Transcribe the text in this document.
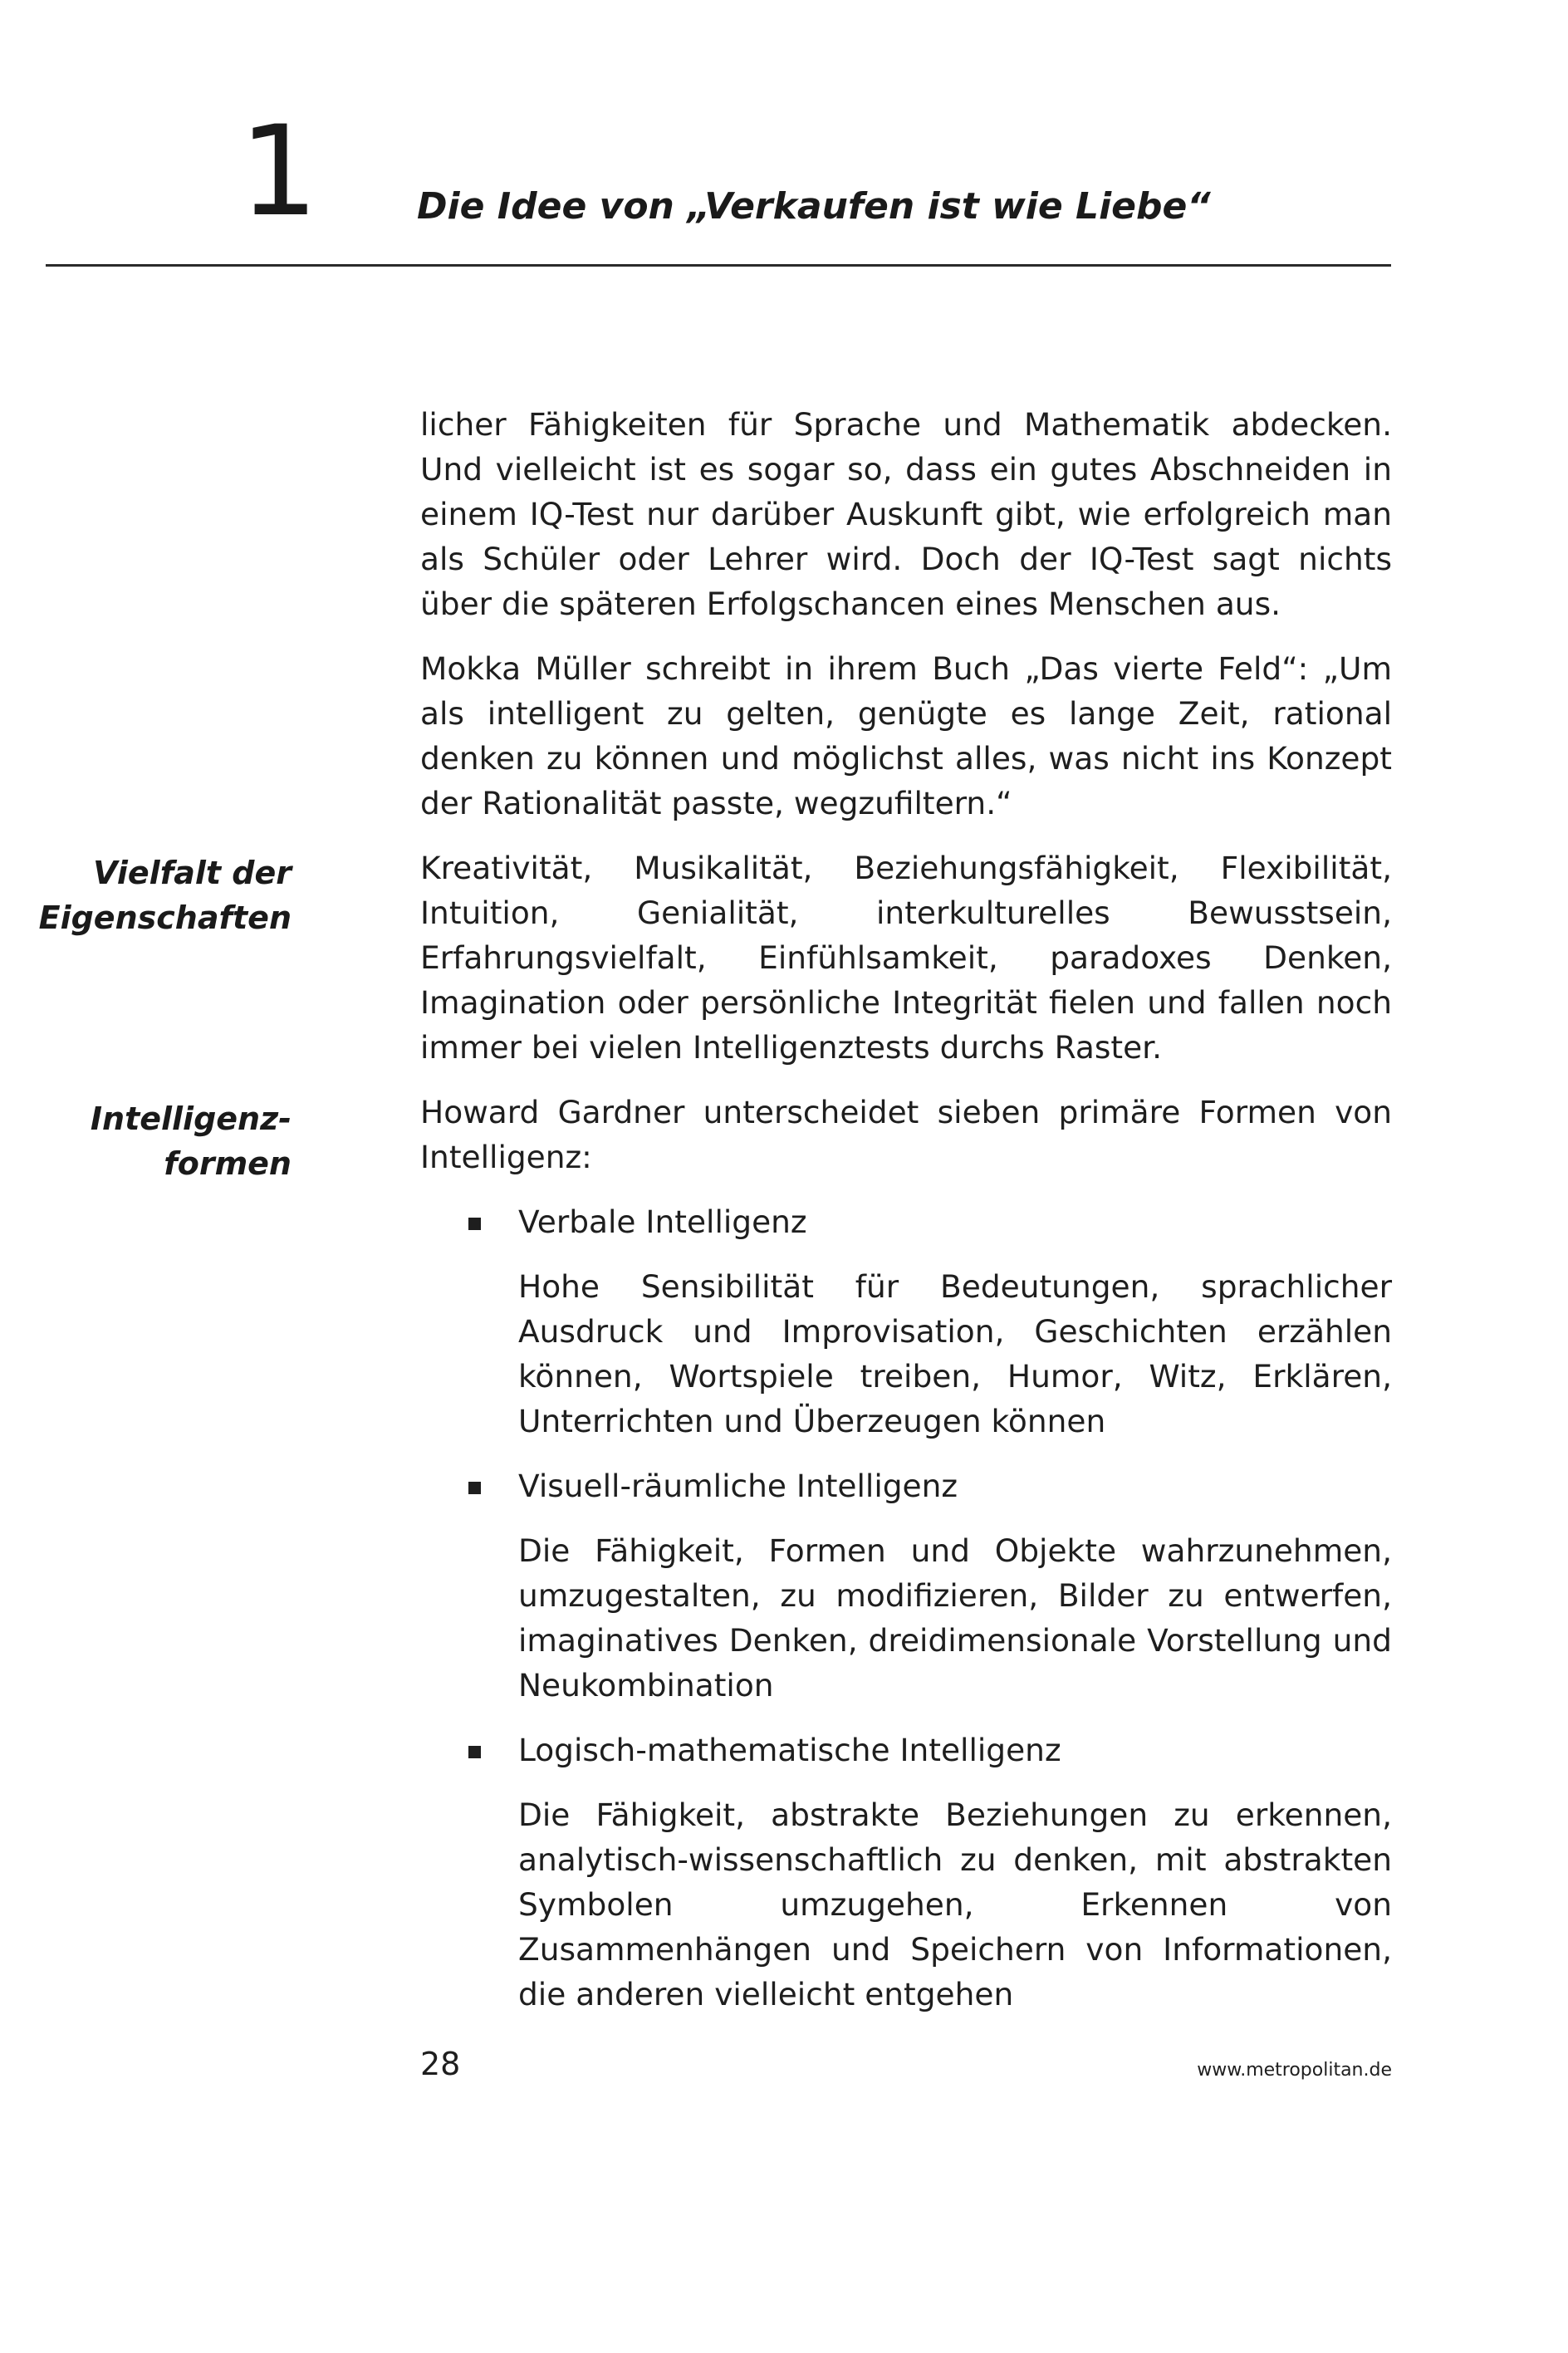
1	Die Idee von „Verkaufen ist wie Liebe“
Vielfalt der
Eigenschaften
Intelligenz-
formen

licher Fähigkeiten für Sprache und Mathematik abdecken. Und vielleicht ist es sogar so, dass ein gutes Abschneiden in einem IQ-Test nur darüber Auskunft gibt, wie erfolgreich man als Schüler oder Lehrer wird. Doch der IQ-Test sagt nichts über die späteren Erfolgschancen eines Menschen aus.

Mokka Müller schreibt in ihrem Buch „Das vierte Feld“: „Um als intelligent zu gelten, genügte es lange Zeit, rational denken zu können und möglichst alles, was nicht ins Konzept der Rationalität passte, wegzufiltern.“

Kreativität, Musikalität, Beziehungsfähigkeit, Flexibilität, Intuition, Genialität, interkulturelles Bewusstsein, Erfahrungsvielfalt, Einfühlsamkeit, paradoxes Denken, Imagination oder persönliche Integrität fielen und fallen noch immer bei vielen Intelligenztests durchs Raster.

Howard Gardner unterscheidet sieben primäre Formen von Intelligenz:

Verbale Intelligenz
Hohe Sensibilität für Bedeutungen, sprachlicher Ausdruck und Improvisation, Geschichten erzählen können, Wortspiele treiben, Humor, Witz, Erklären, Unterrichten und Überzeugen können
Visuell-räumliche Intelligenz
Die Fähigkeit, Formen und Objekte wahrzunehmen, umzugestalten, zu modifizieren, Bilder zu entwerfen, imaginatives Denken, dreidimensionale Vorstellung und Neukombination
Logisch-mathematische Intelligenz
Die Fähigkeit, abstrakte Beziehungen zu erkennen, analytisch-wissenschaftlich zu denken, mit abstrakten Symbolen umzugehen, Erkennen von Zusammenhängen und Speichern von Informationen, die anderen vielleicht entgehen
28	www.metropolitan.de
